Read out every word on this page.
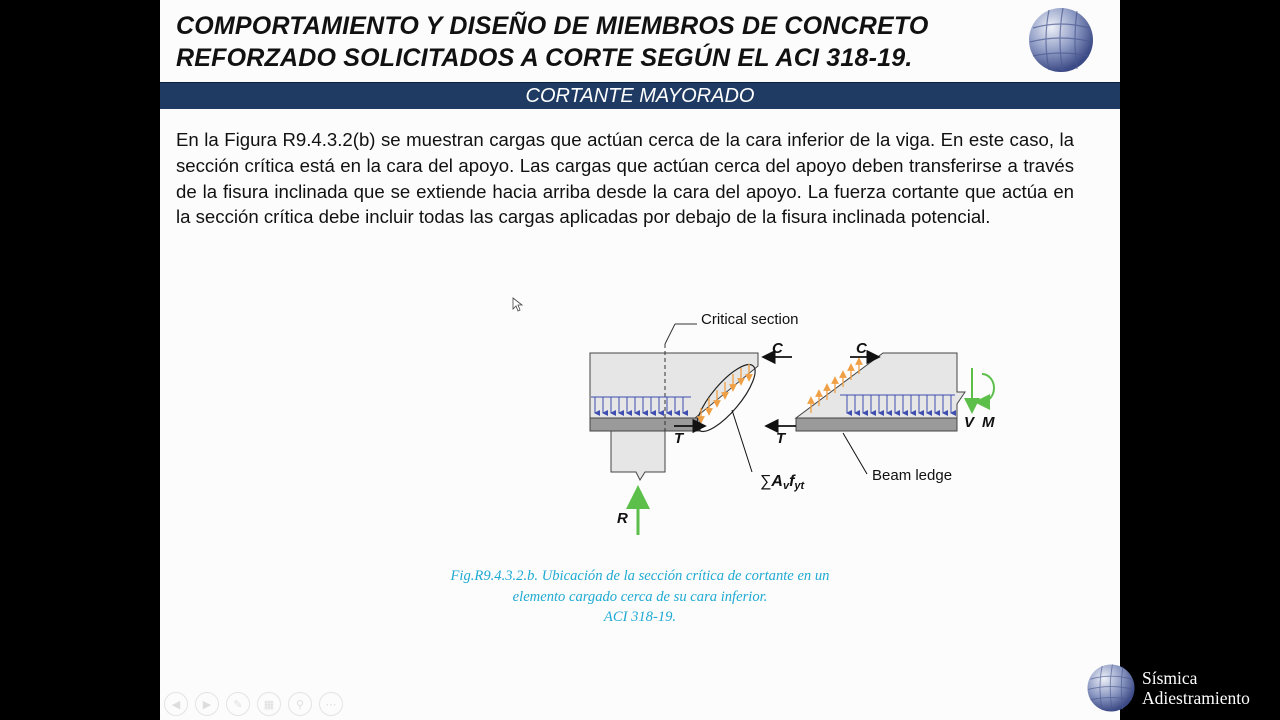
COMPORTAMIENTO Y DISEÑO DE MIEMBROS DE CONCRETO REFORZADO SOLICITADOS A CORTE SEGÚN EL ACI 318-19.
CORTANTE MAYORADO
En la Figura R9.4.3.2(b) se muestran cargas que actúan cerca de la cara inferior de la viga. En este caso, la sección crítica está en la cara del apoyo. Las cargas que actúan cerca del apoyo deben transferirse a través de la fisura inclinada que se extiende hacia arriba desde la cara del apoyo. La fuerza cortante que actúa en la sección crítica debe incluir todas las cargas aplicadas por debajo de la fisura inclinada potencial.
Critical section
C
T
R
∑Avfyt
C
T
V M
Beam ledge
Fig.R9.4.3.2.b. Ubicación de la sección crítica de cortante en un
elemento cargado cerca de su cara inferior.
ACI 318-19.
◀	▶	✎	▦	⚲	⋯
Sísmica
Adiestramiento
